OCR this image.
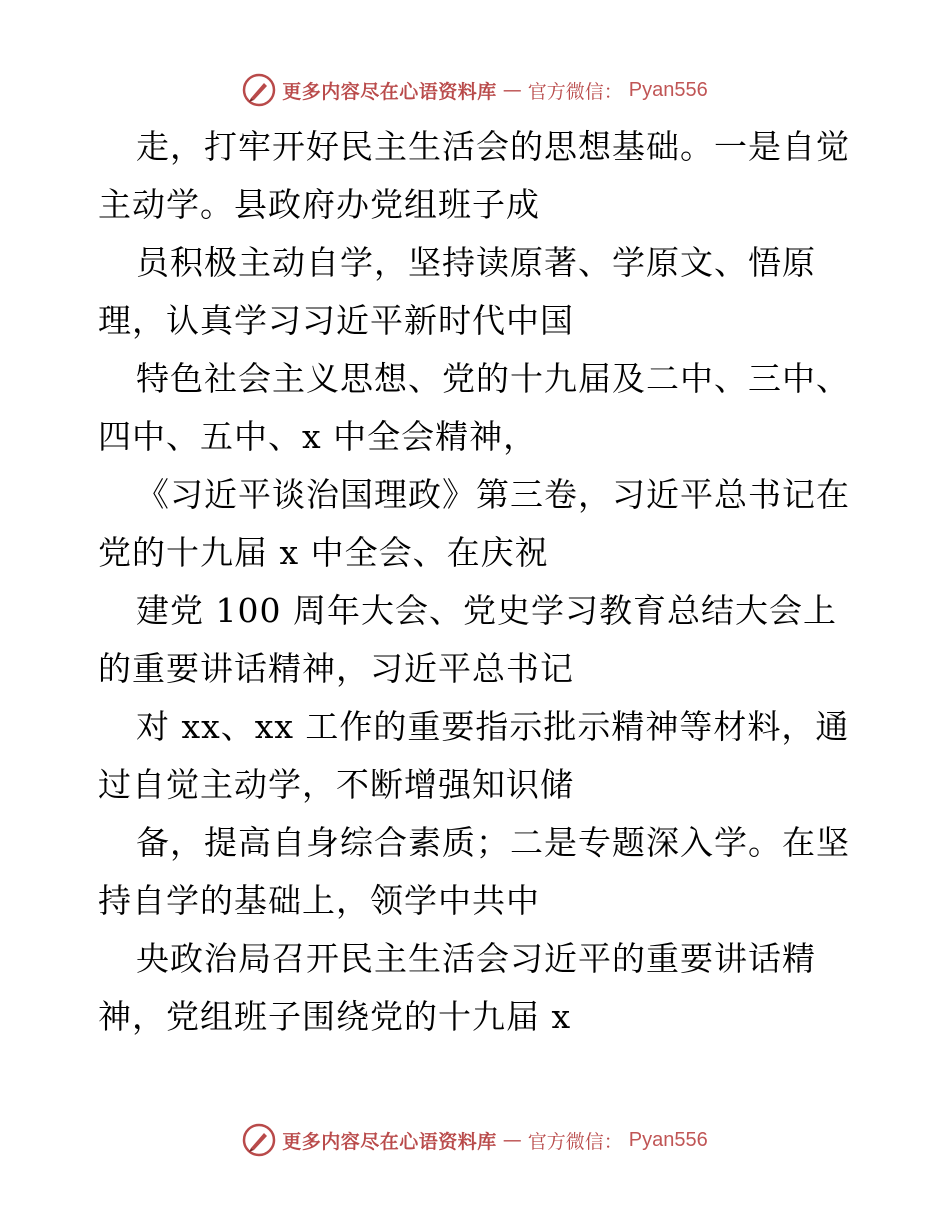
更多内容尽在心语资料库 — 官方微信： Pyan556
走，打牢开好民主生活会的思想基础。一是自觉
主动学。县政府办党组班子成
员积极主动自学，坚持读原著、学原文、悟原
理，认真学习习近平新时代中国
特色社会主义思想、党的十九届及二中、三中、
四中、五中、x 中全会精神，
《习近平谈治国理政》第三卷，习近平总书记在
党的十九届 x 中全会、在庆祝
建党 100 周年大会、党史学习教育总结大会上
的重要讲话精神，习近平总书记
对 xx、xx 工作的重要指示批示精神等材料，通
过自觉主动学，不断增强知识储
备，提高自身综合素质；二是专题深入学。在坚
持自学的基础上，领学中共中
央政治局召开民主生活会习近平的重要讲话精
神，党组班子围绕党的十九届 x
更多内容尽在心语资料库 — 官方微信： Pyan556
